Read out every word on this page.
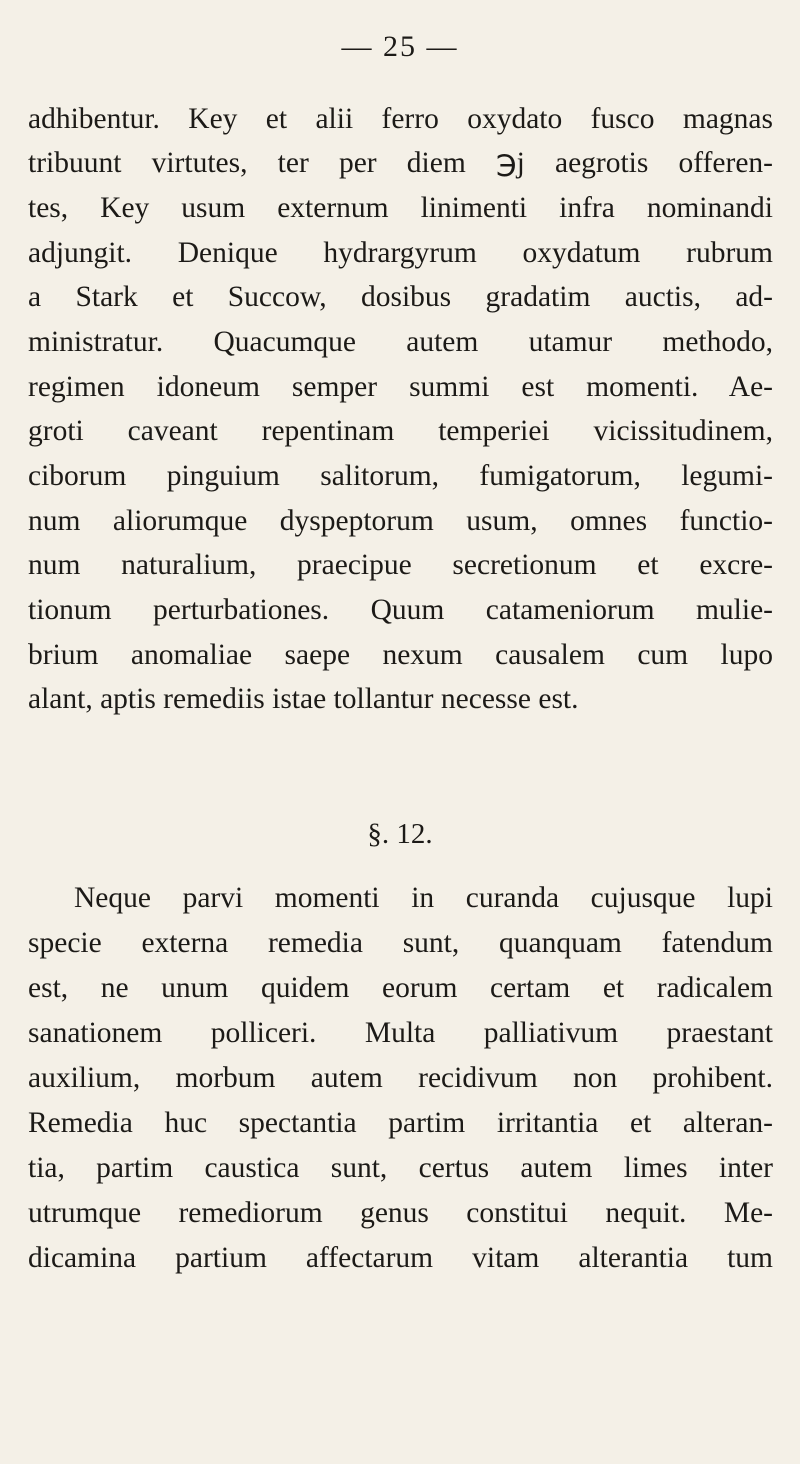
— 25 —
adhibentur. Key et alii ferro oxydato fusco magnas
tribuunt virtutes, ter per diem ℈j aegrotis offeren-
tes, Key usum externum linimenti infra nominandi
adjungit. Denique hydrargyrum oxydatum rubrum
a Stark et Succow, dosibus gradatim auctis, ad-
ministratur. Quacumque autem utamur methodo,
regimen idoneum semper summi est momenti. Ae-
groti caveant repentinam temperiei vicissitudinem,
ciborum pinguium salitorum, fumigatorum, legumi-
num aliorumque dyspeptorum usum, omnes functio-
num naturalium, praecipue secretionum et excre-
tionum perturbationes. Quum catameniorum mulie-
brium anomaliae saepe nexum causalem cum lupo
alant, aptis remediis istae tollantur necesse est.
§. 12.
Neque parvi momenti in curanda cujusque lupi
specie externa remedia sunt, quanquam fatendum
est, ne unum quidem eorum certam et radicalem
sanationem polliceri. Multa palliativum praestant
auxilium, morbum autem recidivum non prohibent.
Remedia huc spectantia partim irritantia et alteran-
tia, partim caustica sunt, certus autem limes inter
utrumque remediorum genus constitui nequit. Me-
dicamina partium affectarum vitam alterantia tum
